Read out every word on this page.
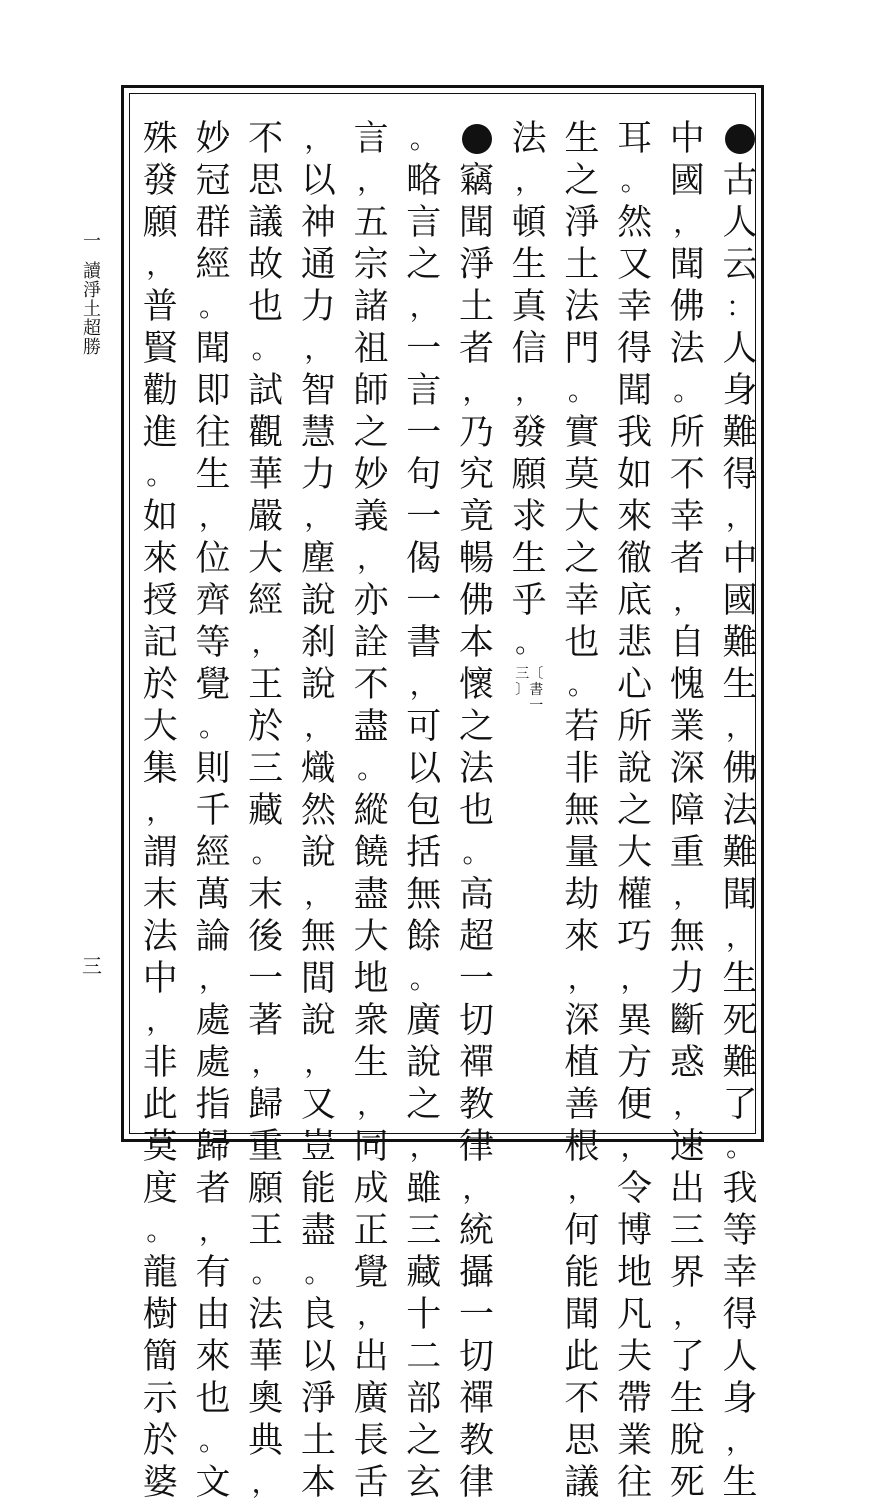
一
讀
淨
土
超
勝
三
古
人
云
：
人
身
難
得
，
中
國
難
生
，
佛
法
難
聞
，
生
死
難
了
。
我
等
幸
得
人
身
，
生
中
國
，
聞
佛
法
。
所
不
幸
者
，
自
愧
業
深
障
重
，
無
力
斷
惑
，
速
出
三
界
，
了
生
脫
死
耳
。
然
又
幸
得
聞
我
如
來
徹
底
悲
心
所
說
之
大
權
巧
，
異
方
便
，
令
博
地
凡
夫
帶
業
往
生
之
淨
土
法
門
。
實
莫
大
之
幸
也
。
若
非
無
量
劫
來
，
深
植
善
根
，
何
能
聞
此
不
思
議
法
，
頓
生
真
信
，
發
願
求
生
乎
。
〔
書
一
三
〕
竊
聞
淨
土
者
，
乃
究
竟
暢
佛
本
懷
之
法
也
。
高
超
一
切
禪
教
律
，
統
攝
一
切
禪
教
律
。
略
言
之
，
一
言
一
句
一
偈
一
書
，
可
以
包
括
無
餘
。
廣
說
之
，
雖
三
藏
十
二
部
之
玄
言
，
五
宗
諸
祖
師
之
妙
義
，
亦
詮
不
盡
。
縱
饒
盡
大
地
衆
生
，
同
成
正
覺
，
出
廣
長
舌
，
以
神
通
力
，
智
慧
力
，
塵
說
刹
說
，
熾
然
說
，
無
間
說
，
又
豈
能
盡
。
良
以
淨
土
本
不
思
議
故
也
。
試
觀
華
嚴
大
經
，
王
於
三
藏
。
末
後
一
著
，
歸
重
願
王
。
法
華
奧
典
，
妙
冠
群
經
。
聞
即
往
生
，
位
齊
等
覺
。
則
千
經
萬
論
，
處
處
指
歸
者
，
有
由
來
也
。
文
殊
發
願
，
普
賢
勸
進
。
如
來
授
記
於
大
集
，
謂
末
法
中
，
非
此
莫
度
。
龍
樹
簡
示
於
婆
